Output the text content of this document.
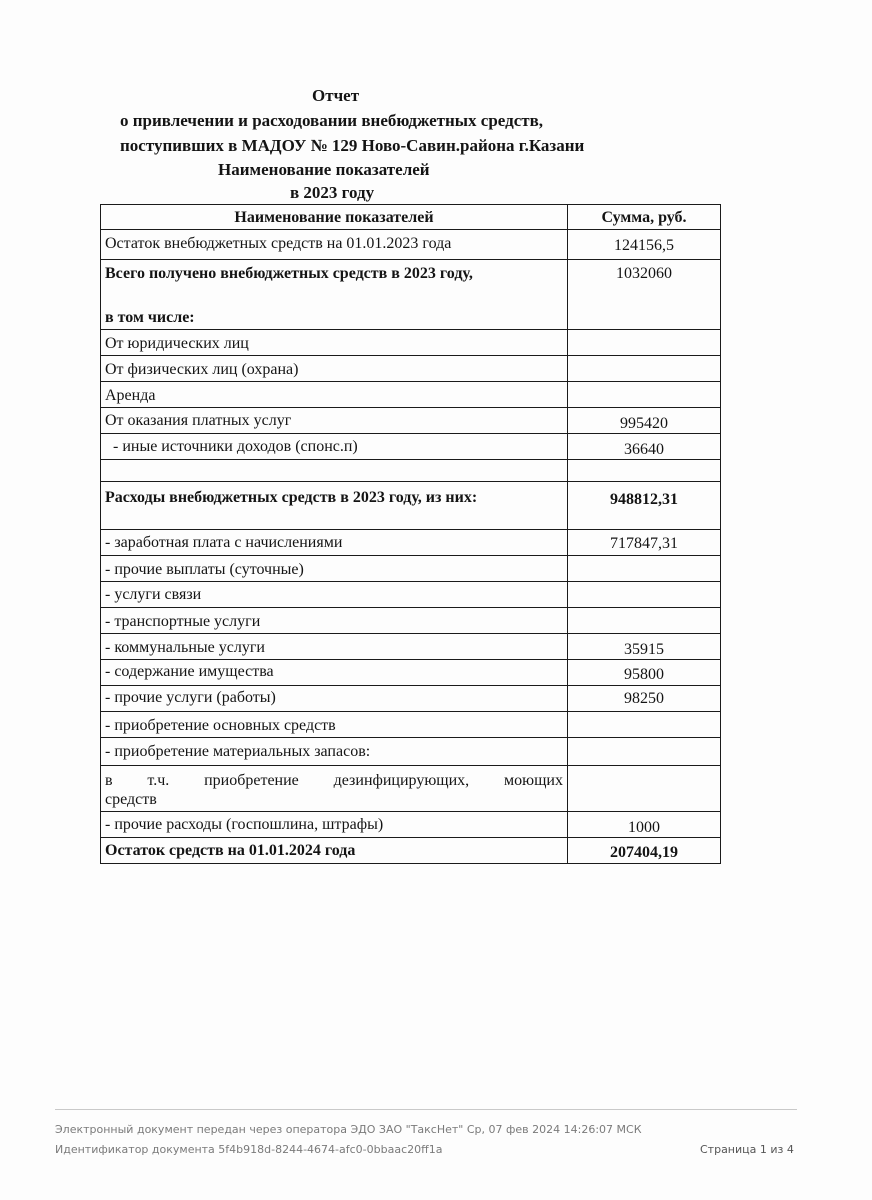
Отчет
о привлечении и расходовании внебюджетных средств,
поступивших в МАДОУ № 129 Ново-Савин.района г.Казани
Наименование показателей
в 2023 году
Наименование показателей	Сумма, руб.
Остаток внебюджетных средств на 01.01.2023 года	124156,5

Всего получено внебюджетных средств в 2023 году,
в том числе:	1032060
От юридических лиц	
От физических лиц (охрана)	
Аренда	
От оказания платных услуг	995420
- иные источники доходов (спонс.п)	36640

Расходы внебюджетных средств в 2023 году, из них:	948812,31
- заработная плата с начислениями	717847,31
- прочие выплаты (суточные)	
- услуги связи	
- транспортные услуги	
- коммунальные услуги	35915
- содержание имущества	95800
- прочие услуги (работы)	98250
- приобретение основных средств	
- приобретение материальных запасов:	
в т.ч. приобретение дезинфицирующих, моющих
средств	

- прочие расходы (госпошлина, штрафы)	1000
Остаток средств на 01.01.2024 года	207404,19
Электронный документ передан через оператора ЭДО ЗАО "ТаксНет" Ср, 07 фев 2024 14:26:07 МСК
Идентификатор документа 5f4b918d-8244-4674-afc0-0bbaac20ff1a	Страница 1 из 4
